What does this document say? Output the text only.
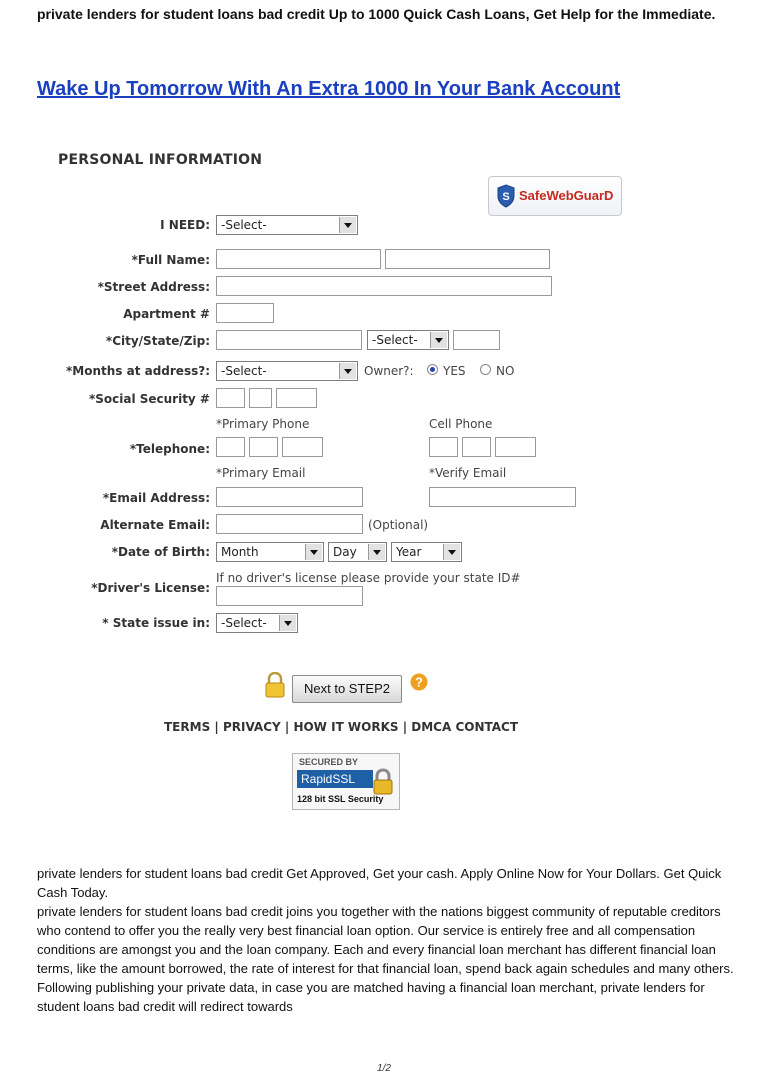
private lenders for student loans bad credit Up to 1000 Quick Cash Loans, Get Help for the Immediate.
Wake Up Tomorrow With An Extra 1000 In Your Bank Account
PERSONAL INFORMATION
S SafeWebGuarD
I NEED: -Select-
*Full Name:
*Street Address:
Apartment #
*City/State/Zip:	-Select-
*Months at address?: -Select-	Owner?: YES	NO
*Social Security #
*Primary Phone	Cell Phone
*Telephone:
*Primary Email	*Verify Email
*Email Address:
Alternate Email:	(Optional)
*Date of Birth: Month	Day	Year
If no driver's license please provide your state ID#
*Driver's License:
* State issue in: -Select-
Next to STEP2	?
TERMS | PRIVACY | HOW IT WORKS | DMCA CONTACT
SECURED BY
RapidSSL
128 bit SSL Security

private lenders for student loans bad credit Get Approved, Get your cash. Apply Online Now for Your Dollars. Get Quick Cash Today.

private lenders for student loans bad credit joins you together with the nations biggest community of reputable creditors who contend to offer you the really very best financial loan option. Our service is entirely free and all compensation conditions are amongst you and the loan company. Each and every financial loan merchant has different financial loan terms, like the amount borrowed, the rate of interest for that financial loan, spend back again schedules and many others. Following publishing your private data, in case you are matched having a financial loan merchant, private lenders for student loans bad credit will redirect towards

1/2
